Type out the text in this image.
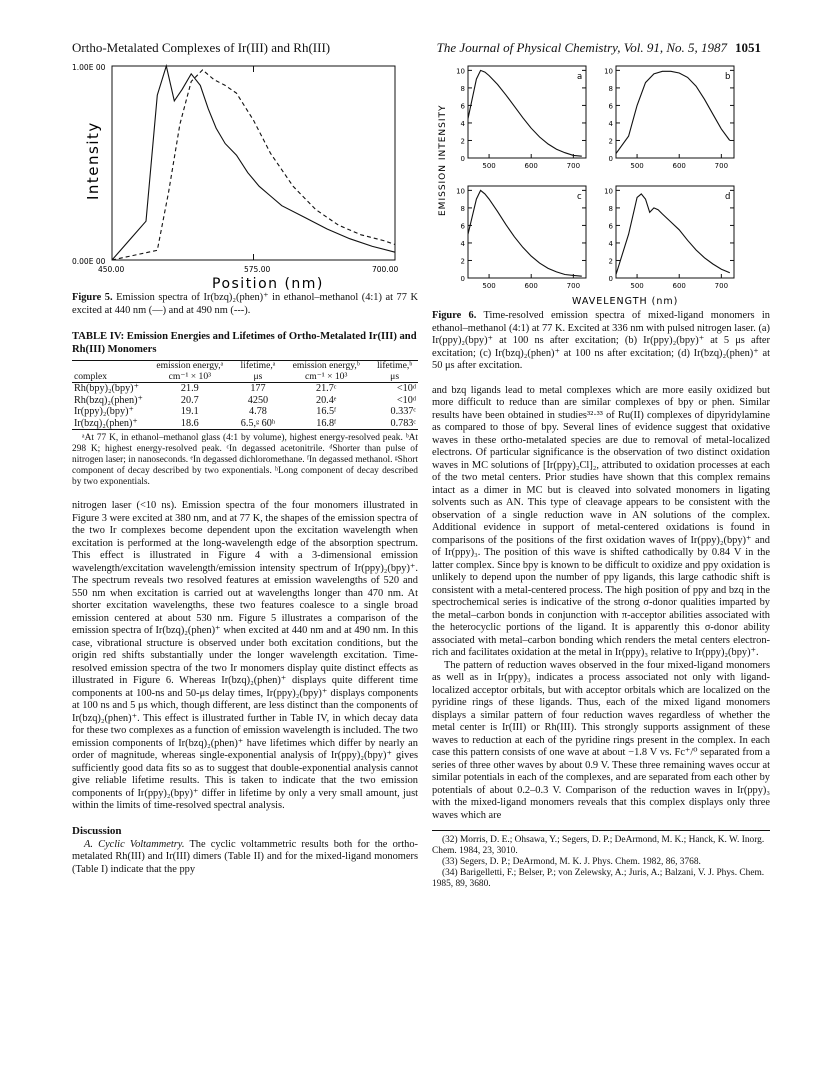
Ortho-Metalated Complexes of Ir(III) and Rh(III)	The Journal of Physical Chemistry, Vol. 91, No. 5, 1987 1051
1.00E 00
0.00E 00
Intensity
450.00	575.00	700.00
Position (nm)
Figure 5. Emission spectra of Ir(bzq)₂(phen)⁺ in ethanol–methanol (4:1) at 77 K excited at 440 nm (—) and at 490 nm (---).
TABLE IV: Emission Energies and Lifetimes of Ortho-Metalated Ir(III) and Rh(III) Monomers
complex	emission energy,ᵃ cm⁻¹ × 10³	lifetime,ᵃ μs	emission energy,ᵇ cm⁻¹ × 10³	lifetime,ᵇ μs
Rh(bpy)₂(bpy)⁺	21.9	177	21.7ᶜ	<10ᵈ
Rh(bzq)₂(phen)⁺	20.7	4250	20.4ᵉ	<10ᵈ
Ir(ppy)₂(bpy)⁺	19.1	4.78	16.5ᶠ	0.337ᶜ
Ir(bzq)₂(phen)⁺	18.6	6.5,ᵍ 60ʰ	16.8ᶠ	0.783ᶜ
ᵃAt 77 K, in ethanol–methanol glass (4:1 by volume), highest energy-resolved peak. ᵇAt 298 K; highest energy-resolved peak. ᶜIn degassed acetonitrile. ᵈShorter than pulse of nitrogen laser; in nanoseconds. ᵉIn degassed dichloromethane. ᶠIn degassed methanol. ᵍShort component of decay described by two exponentials. ʰLong component of decay described by two exponentials.

nitrogen laser (<10 ns). Emission spectra of the four monomers illustrated in Figure 3 were excited at 380 nm, and at 77 K, the shapes of the emission spectra of the two Ir complexes become dependent upon the excitation wavelength when excitation is performed at the long-wavelength edge of the absorption spectrum. This effect is illustrated in Figure 4 with a 3-dimensional emission wavelength/excitation wavelength/emission intensity spectrum of Ir(ppy)₂(bpy)⁺. The spectrum reveals two resolved features at emission wavelengths of 520 and 550 nm when excitation is carried out at wavelengths longer than 470 nm. At shorter excitation wavelengths, these two features coalesce to a single broad emission centered at about 530 nm. Figure 5 illustrates a comparison of the emission spectra of Ir(bzq)₂(phen)⁺ when excited at 440 nm and at 490 nm. In this case, vibrational structure is observed under both excitation conditions, but the origin red shifts substantially under the longer wavelength excitation. Time-resolved emission spectra of the two Ir monomers display quite distinct effects as illustrated in Figure 6. Whereas Ir(bzq)₂(phen)⁺ displays quite different time components at 100-ns and 50-μs delay times, Ir(ppy)₂(bpy)⁺ displays components at 100 ns and 5 μs which, though different, are less distinct than the components of Ir(bzq)₂(phen)⁺. This effect is illustrated further in Table IV, in which decay data for these two complexes as a function of emission wavelength is included. The two emission components of Ir(bzq)₂(phen)⁺ have lifetimes which differ by nearly an order of magnitude, whereas single-exponential analysis of Ir(ppy)₂(bpy)⁺ gives sufficiently good data fits so as to suggest that double-exponential analysis cannot give reliable lifetime results. This is taken to indicate that the two emission components of Ir(ppy)₂(bpy)⁺ differ in lifetime by only a very small amount, just within the limits of time-resolved spectral analysis.

Discussion

A. Cyclic Voltammetry. The cyclic voltammetric results both for the ortho-metalated Rh(III) and Ir(III) dimers (Table II) and for the mixed-ligand monomers (Table I) indicate that the ppy

EMISSION INTENSITY 0
2
4
6
8
10
500	600	700
a
0
2
4
6
8
10
500	600	700
b
0
2
4
6
8
10
500	600	700
c
0
2
4
6
8
10
500	600	700
d
WAVELENGTH (nm)
Figure 6. Time-resolved emission spectra of mixed-ligand monomers in ethanol–methanol (4:1) at 77 K. Excited at 336 nm with pulsed nitrogen laser. (a) Ir(ppy)₂(bpy)⁺ at 100 ns after excitation; (b) Ir(ppy)₂(bpy)⁺ at 5 μs after excitation; (c) Ir(bzq)₂(phen)⁺ at 100 ns after excitation; (d) Ir(bzq)₂(phen)⁺ at 50 μs after excitation.

and bzq ligands lead to metal complexes which are more easily oxidized but more difficult to reduce than are similar complexes of bpy or phen. Similar results have been obtained in studies³²·³³ of Ru(II) complexes of dipyridylamine as compared to those of bpy. Several lines of evidence suggest that oxidative waves in these ortho-metalated species are due to removal of metal-localized electrons. Of particular significance is the observation of two distinct oxidation waves in MC solutions of [Ir(ppy)₂Cl]₂, attributed to oxidation processes at each of the two metal centers. Prior studies have shown that this complex remains intact as a dimer in MC but is cleaved into solvated monomers in ligating solvents such as AN. This type of cleavage appears to be consistent with the observation of a single reduction wave in AN solutions of the complex. Additional evidence in support of metal-centered oxidations is found in comparisons of the positions of the first oxidation waves of Ir(ppy)₂(bpy)⁺ and of Ir(ppy)₃. The position of this wave is shifted cathodically by 0.84 V in the latter complex. Since bpy is known to be difficult to oxidize and ppy oxidation is unlikely to depend upon the number of ppy ligands, this large cathodic shift is consistent with a metal-centered process. The high position of ppy and bzq in the spectrochemical series is indicative of the strong σ-donor qualities imparted by the metal–carbon bonds in conjunction with π-acceptor abilities associated with the heterocyclic portions of the ligand. It is apparently this σ-donor ability associated with metal–carbon bonding which renders the metal centers electron-rich and facilitates oxidation at the metal in Ir(ppy)₃ relative to Ir(ppy)₂(bpy)⁺.

The pattern of reduction waves observed in the four mixed-ligand monomers as well as in Ir(ppy)₃ indicates a process associated not only with ligand-localized acceptor orbitals, but with acceptor orbitals which are localized on the pyridine rings of these ligands. Thus, each of the mixed ligand monomers displays a similar pattern of four reduction waves regardless of whether the metal center is Ir(III) or Rh(III). This strongly supports assignment of these waves to reduction at each of the pyridine rings present in the complex. In each case this pattern consists of one wave at about −1.8 V vs. Fc⁺/⁰ separated from a series of three other waves by about 0.9 V. These three remaining waves occur at similar potentials in each of the complexes, and are separated from each other by potentials of about 0.2–0.3 V. Comparison of the reduction waves in Ir(ppy)₃ with the mixed-ligand monomers reveals that this complex displays only three waves which are

(32) Morris, D. E.; Ohsawa, Y.; Segers, D. P.; DeArmond, M. K.; Hanck, K. W. Inorg. Chem. 1984, 23, 3010.

(33) Segers, D. P.; DeArmond, M. K. J. Phys. Chem. 1982, 86, 3768.

(34) Barigelletti, F.; Belser, P.; von Zelewsky, A.; Juris, A.; Balzani, V. J. Phys. Chem. 1985, 89, 3680.
